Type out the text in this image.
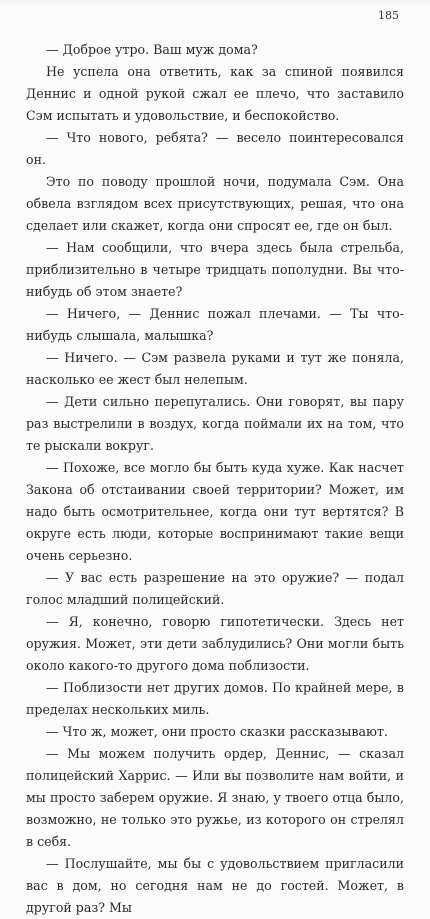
185

— Доброе утро. Ваш муж дома?

Не успела она ответить, как за спиной появился Деннис и одной рукой сжал ее плечо, что заставило Сэм испытать и удовольствие, и беспокойство.

— Что нового, ребята? — весело поинтересовался он.

Это по поводу прошлой ночи, подумала Сэм. Она обвела взглядом всех присутствующих, решая, что она сделает или скажет, когда они спросят ее, где он был.

— Нам сообщили, что вчера здесь была стрельба, приблизительно в четыре тридцать пополудни. Вы что-нибудь об этом знаете?

— Ничего, — Деннис пожал плечами. — Ты что-нибудь слышала, малышка?

— Ничего. — Сэм развела руками и тут же поняла, насколько ее жест был нелепым.

— Дети сильно перепугались. Они говорят, вы пару раз выстрелили в воздух, когда поймали их на том, что те рыскали вокруг.

— Похоже, все могло бы быть куда хуже. Как насчет Закона об отстаивании своей территории? Может, им надо быть осмотрительнее, когда они тут вертятся? В округе есть люди, которые воспринимают такие вещи очень серьезно.

— У вас есть разрешение на это оружие? — подал голос младший полицейский.

— Я, конечно, говорю гипотетически. Здесь нет оружия. Может, эти дети заблудились? Они могли быть около какого-то другого дома поблизости.

— Поблизости нет других домов. По крайней мере, в пределах нескольких миль.

— Что ж, может, они просто сказки рассказывают.

— Мы можем получить ордер, Деннис, — сказал полицейский Харрис. — Или вы позволите нам войти, и мы просто заберем оружие. Я знаю, у твоего отца было, возможно, не только это ружье, из которого он стрелял в себя.

— Послушайте, мы бы с удовольствием пригласили вас в дом, но сегодня нам не до гостей. Может, в другой раз? Мы
